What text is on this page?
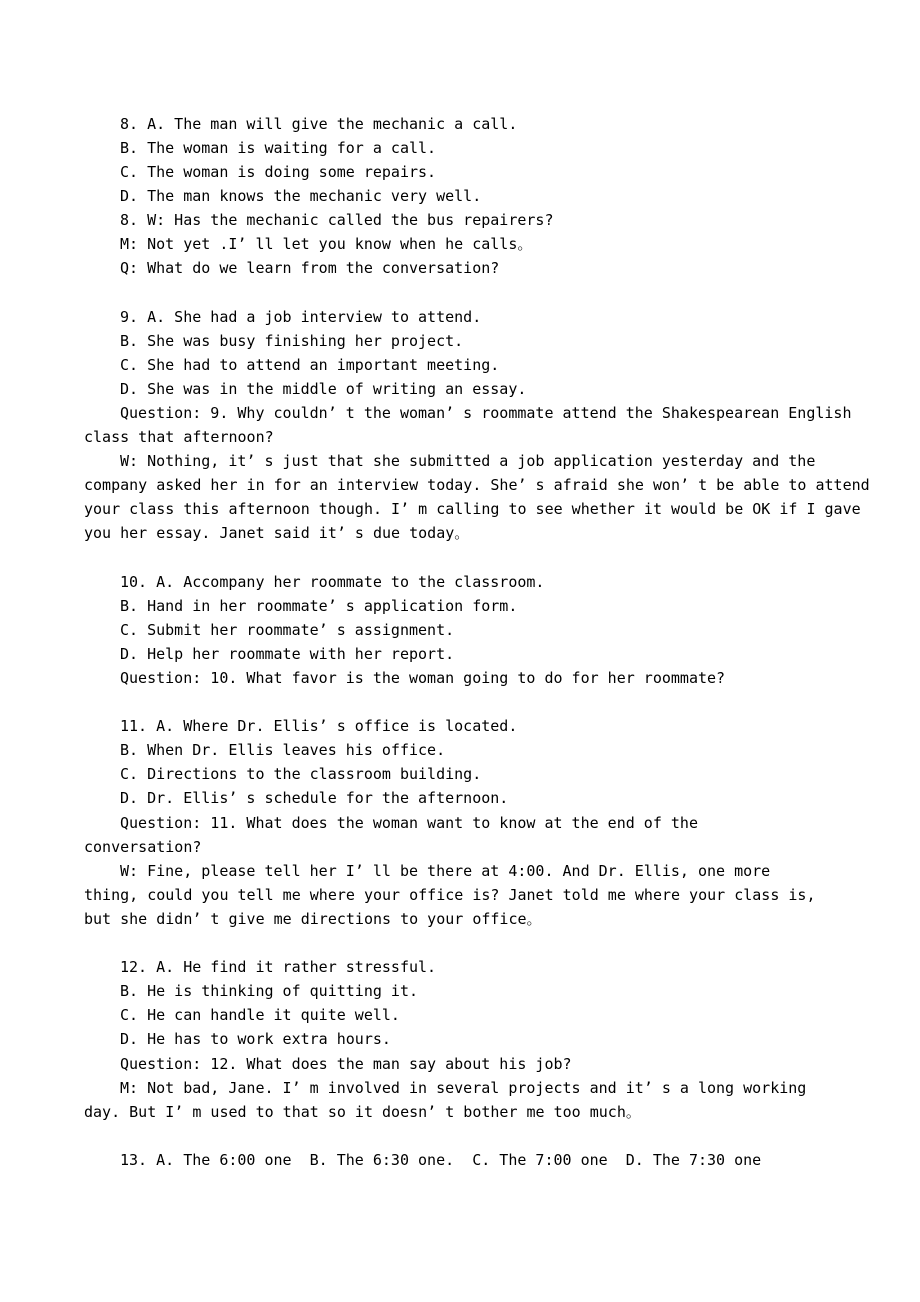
8. A. The man will give the mechanic a call.
B. The woman is waiting for a call.
C. The woman is doing some repairs.
D. The man knows the mechanic very well.
8. W: Has the mechanic called the bus repairers?
M: Not yet .I’ ll let you know when he calls。
Q: What do we learn from the conversation?
9. A. She had a job interview to attend.
B. She was busy finishing her project.
C. She had to attend an important meeting.
D. She was in the middle of writing an essay.
Question: 9. Why couldn’ t the woman’ s roommate attend the Shakespearean English
class that afternoon?
W: Nothing, it’ s just that she submitted a job application yesterday and the
company asked her in for an interview today. She’ s afraid she won’ t be able to attend
your class this afternoon though. I’ m calling to see whether it would be OK if I gave
you her essay. Janet said it’ s due today。
10. A. Accompany her roommate to the classroom.
B. Hand in her roommate’ s application form.
C. Submit her roommate’ s assignment.
D. Help her roommate with her report.
Question: 10. What favor is the woman going to do for her roommate?
11. A. Where Dr. Ellis’ s office is located.
B. When Dr. Ellis leaves his office.
C. Directions to the classroom building.
D. Dr. Ellis’ s schedule for the afternoon.
Question: 11. What does the woman want to know at the end of the
conversation?
W: Fine, please tell her I’ ll be there at 4:00. And Dr. Ellis, one more
thing, could you tell me where your office is? Janet told me where your class is,
but she didn’ t give me directions to your office。
12. A. He find it rather stressful.
B. He is thinking of quitting it.
C. He can handle it quite well.
D. He has to work extra hours.
Question: 12. What does the man say about his job?
M: Not bad, Jane. I’ m involved in several projects and it’ s a long working
day. But I’ m used to that so it doesn’ t bother me too much。
13. A. The 6:00 one  B. The 6:30 one.  C. The 7:00 one  D. The 7:30 one
